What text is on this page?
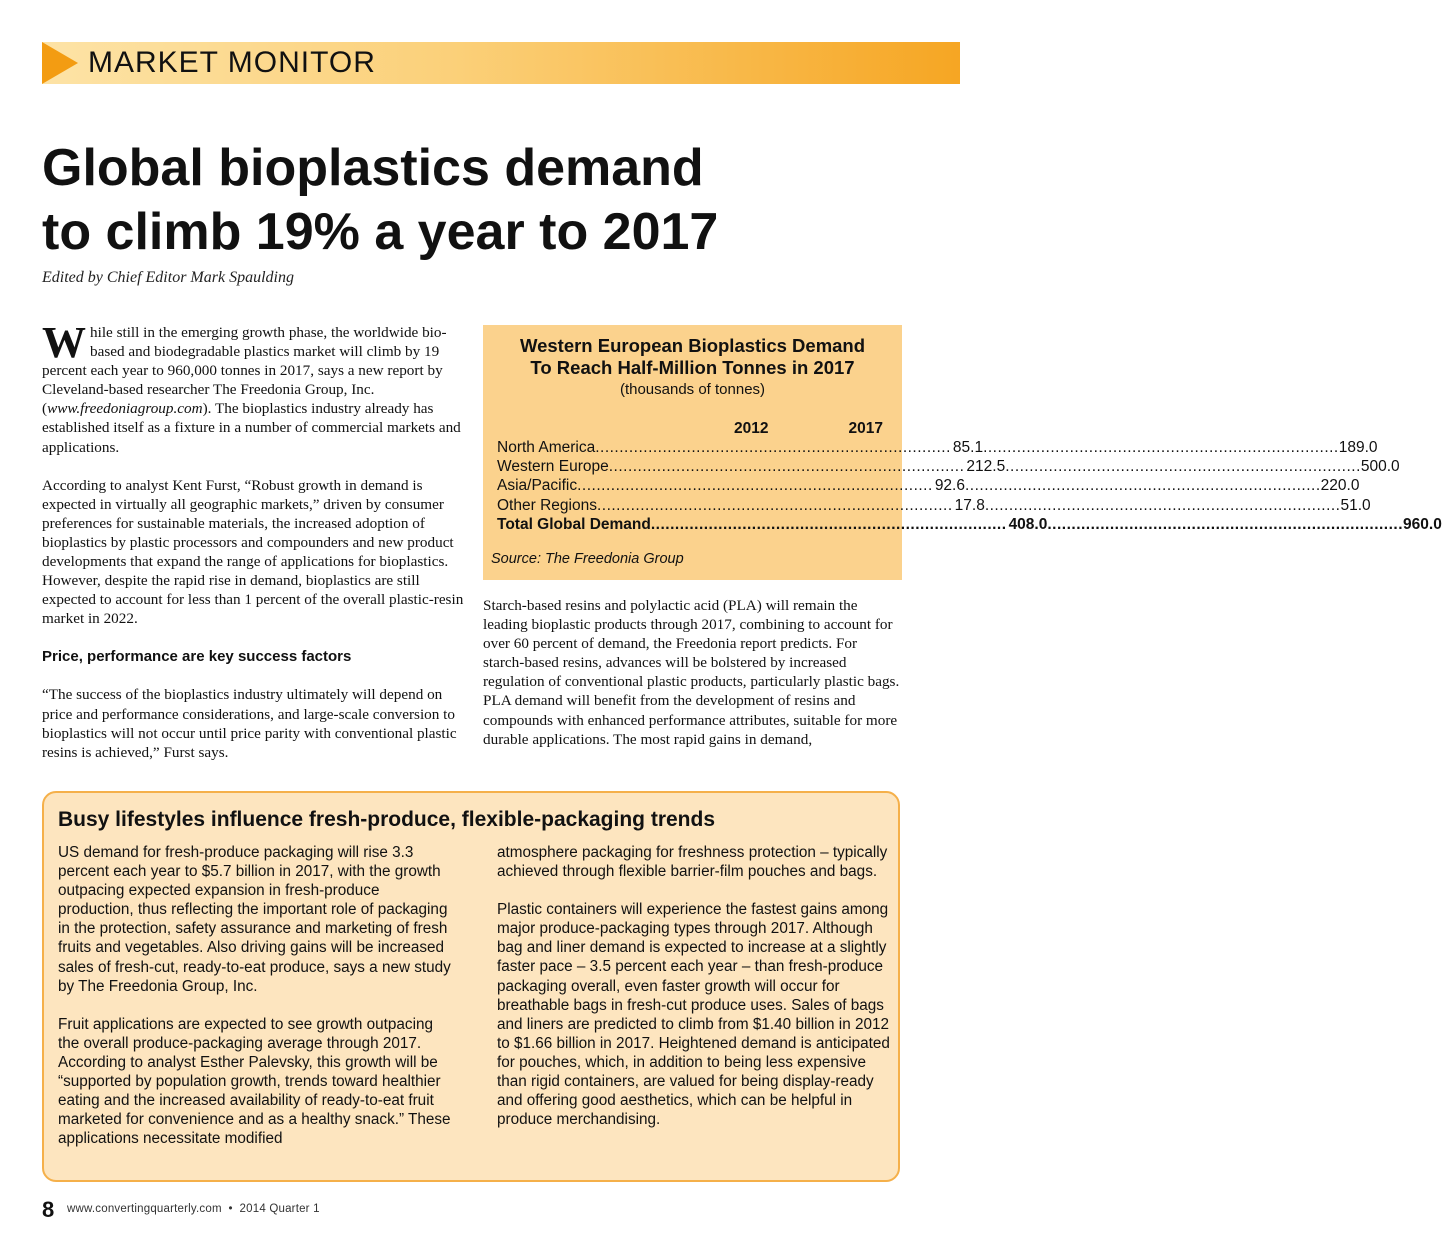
MARKET MONITOR
Global bioplastics demand
to climb 19% a year to 2017
Edited by Chief Editor Mark Spaulding

While still in the emerging growth phase, the worldwide bio-based and biodegradable plastics market will climb by 19 percent each year to 960,000 tonnes in 2017, says a new report by Cleveland-based researcher The Freedonia Group, Inc. (www.freedoniagroup.com). The bioplastics industry already has established itself as a fixture in a number of commercial markets and applications.

According to analyst Kent Furst, “Robust growth in demand is expected in virtually all geographic markets,” driven by consumer preferences for sustainable materials, the increased adoption of bioplastics by plastic processors and compounders and new product developments that expand the range of applications for bioplastics. However, despite the rapid rise in demand, bioplastics are still expected to account for less than 1 percent of the overall plastic-resin market in 2022.

Price, performance are key success factors

“The success of the bioplastics industry ultimately will depend on price and performance considerations, and large-scale conversion to bioplastics will not occur until price parity with conventional plastic resins is achieved,” Furst says.

Western European Bioplastics Demand
To Reach Half-Million Tonnes in 2017
(thousands of tonnes)
2012	2017
North America .......................................................................... 85.1 .......................................................................... 189.0
Western Europe .......................................................................... 212.5 .......................................................................... 500.0
Asia/Pacific .......................................................................... 92.6 .......................................................................... 220.0
Other Regions .......................................................................... 17.8 .......................................................................... 51.0
Total Global Demand .......................................................................... 408.0 .......................................................................... 960.0
Source: The Freedonia Group

Starch-based resins and polylactic acid (PLA) will remain the leading bioplastic products through 2017, combining to account for over 60 percent of demand, the Freedonia report predicts. For starch-based resins, advances will be bolstered by increased regulation of conventional plastic products, particularly plastic bags. PLA demand will benefit from the development of resins and compounds with enhanced performance attributes, suitable for more durable applications. The most rapid gains in demand,

Busy lifestyles influence fresh-produce, flexible-packaging trends

US demand for fresh-produce packaging will rise 3.3 percent each year to $5.7 billion in 2017, with the growth outpacing expected expansion in fresh-produce production, thus reflecting the important role of packaging in the protection, safety assurance and marketing of fresh fruits and vegetables. Also driving gains will be increased sales of fresh-cut, ready-to-eat produce, says a new study by The Freedonia Group, Inc.

Fruit applications are expected to see growth outpacing the overall produce-packaging average through 2017. According to analyst Esther Palevsky, this growth will be “supported by population growth, trends toward healthier eating and the increased availability of ready-to-eat fruit marketed for convenience and as a healthy snack.” These applications necessitate modified

atmosphere packaging for freshness protection – typically achieved through flexible barrier-film pouches and bags.

Plastic containers will experience the fastest gains among major produce-packaging types through 2017. Although bag and liner demand is expected to increase at a slightly faster pace – 3.5 percent each year – than fresh-produce packaging overall, even faster growth will occur for breathable bags in fresh-cut produce uses. Sales of bags and liners are predicted to climb from $1.40 billion in 2012 to $1.66 billion in 2017. Heightened demand is anticipated for pouches, which, in addition to being less expensive than rigid containers, are valued for being display-ready and offering good aesthetics, which can be helpful in produce merchandising.

8 www.convertingquarterly.com  •  2014 Quarter 1
